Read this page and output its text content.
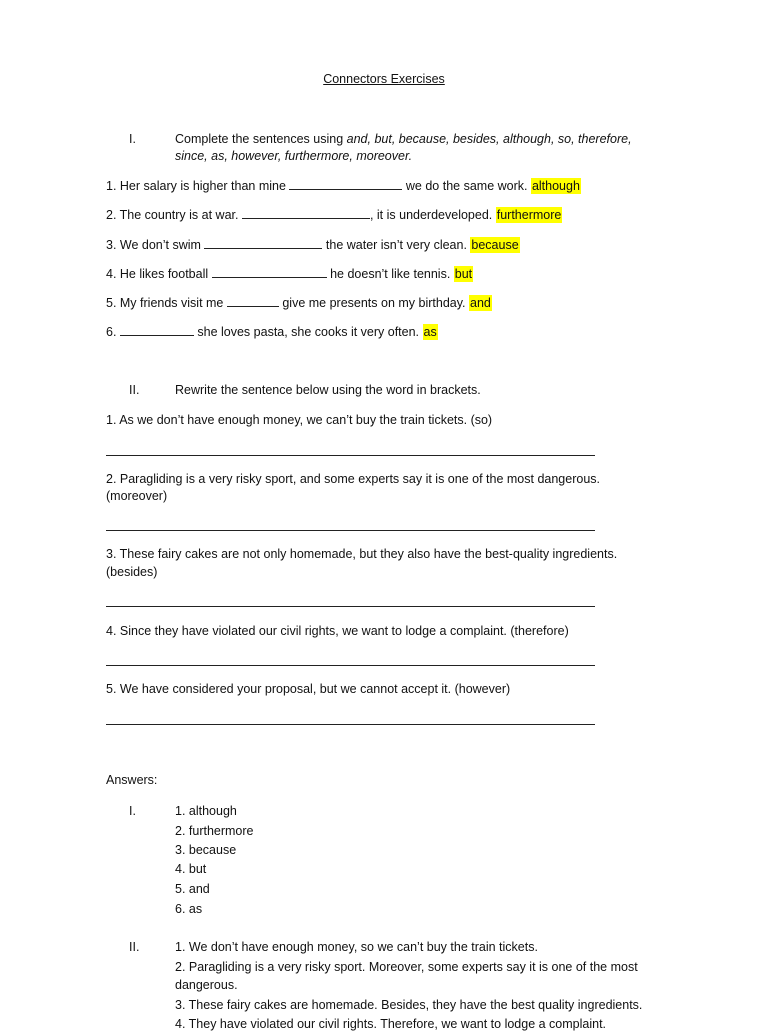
Connectors Exercises
I.	Complete the sentences using and, but, because, besides, although, so, therefore,
since, as, however, furthermore, moreover.
1. Her salary is higher than mine	we do the same work. although
2. The country is at war.	, it is underdeveloped. furthermore
3. We don’t swim	the water isn’t very clean. because
4. He likes football	he doesn’t like tennis. but
5. My friends visit me	give me presents on my birthday. and
6.	she loves pasta, she cooks it very often. as
II.	Rewrite the sentence below using the word in brackets.
1. As we don’t have enough money, we can’t buy the train tickets. (so)
2. Paragliding is a very risky sport, and some experts say it is one of the most dangerous.
(moreover)
3. These fairy cakes are not only homemade, but they also have the best-quality ingredients.
(besides)
4. Since they have violated our civil rights, we want to lodge a complaint. (therefore)
5. We have considered your proposal, but we cannot accept it. (however)
Answers:
I.	1. although
2. furthermore
3. because
4. but
5. and
6. as
II.	1. We don’t have enough money, so we can’t buy the train tickets.
2. Paragliding is a very risky sport. Moreover, some experts say it is one of the most
dangerous.
3. These fairy cakes are homemade. Besides, they have the best quality ingredients.
4. They have violated our civil rights. Therefore, we want to lodge a complaint.
